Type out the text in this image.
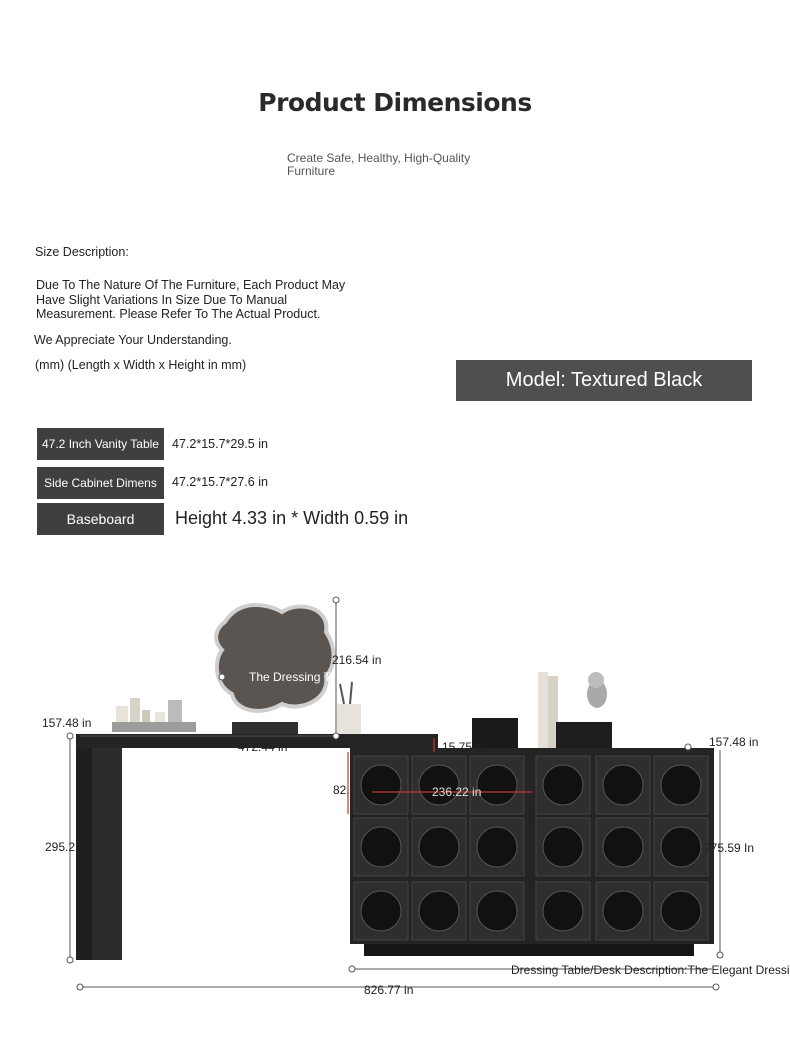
Product Dimensions
Create Safe, Healthy, High-Quality Furniture
Size Description:
Due To The Nature Of The Furniture, Each Product May Have Slight Variations In Size Due To Manual Measurement. Please Refer To The Actual Product.
We Appreciate Your Understanding.
(mm) (Length x Width x Height in mm)
Model: Textured Black
47.2 Inch Vanity Table	47.2*15.7*29.5 in
Side Cabinet Dimens	47.2*15.7*27.6 in
Baseboard	Height 4.33 in * Width 0.59 in
157.48 in
216.54 in
The Dressing T
472.44 in	15.75 in
82.	236.22 in
157.48 in
295.2	275.59 In
Dressing Table/Desk Description:The Elegant Dressi
826.77 in
